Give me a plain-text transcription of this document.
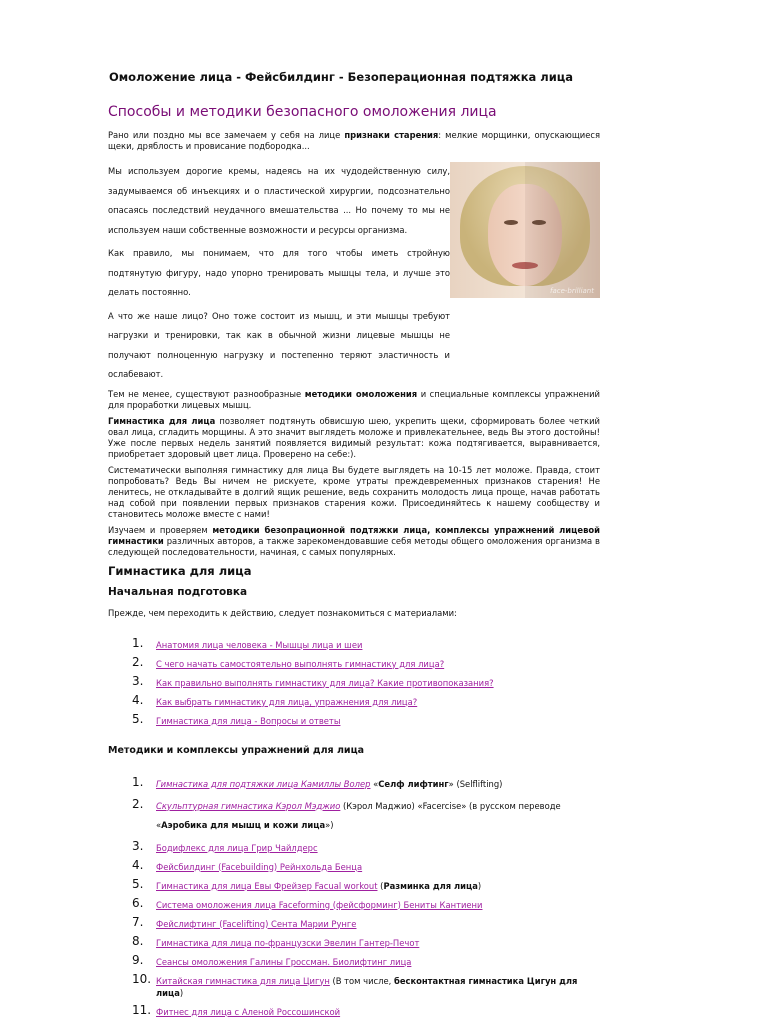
Омоложение лица - Фейсбилдинг - Безоперационная подтяжка лица
Способы и методики безопасного омоложения лица

Рано или поздно мы все замечаем у себя на лице признаки старения: мелкие морщинки, опускающиеся щеки, дряблость и провисание подбородка...

face-brilliant

Мы используем дорогие кремы, надеясь на их чудодейственную силу, задумываемся об инъекциях и о пластической хирургии, подсознательно опасаясь последствий неудачного вмешательства ... Но почему то мы не используем наши собственные возможности и ресурсы организма.

Как правило, мы понимаем, что для того чтобы иметь стройную подтянутую фигуру, надо упорно тренировать мышцы тела, и лучше это делать постоянно.

А что же наше лицо? Оно тоже состоит из мышц, и эти мышцы требуют нагрузки и тренировки, так как в обычной жизни лицевые мышцы не получают полноценную нагрузку и постепенно теряют эластичность и ослабевают.

Тем не менее, существуют разнообразные методики омоложения и специальные комплексы упражнений для проработки лицевых мышц.

Гимнастика для лица позволяет подтянуть обвисшую шею, укрепить щеки, сформировать более четкий овал лица, сгладить морщины. А это значит выглядеть моложе и привлекательнее, ведь Вы этого достойны! Уже после первых недель занятий появляется видимый результат: кожа подтягивается, выравнивается, приобретает здоровый цвет лица. Проверено на себе:).

Систематически выполняя гимнастику для лица Вы будете выглядеть на 10-15 лет моложе. Правда, стоит попробовать? Ведь Вы ничем не рискуете, кроме утраты преждевременных признаков старения! Не ленитесь, не откладывайте в долгий ящик решение, ведь сохранить молодость лица проще, начав работать над собой при появлении первых признаков старения кожи. Присоединяйтесь к нашему сообществу и становитесь моложе вместе с нами!

Изучаем и проверяем методики безопрационной подтяжки лица, комплексы упражнений лицевой гимнастики различных авторов, а также зарекомендовавшие себя методы общего омоложения организма в следующей последовательности, начиная, с самых популярных.

Гимнастика для лица
Начальная подготовка

Прежде, чем переходить к действию, следует познакомиться с материалами:

1.	Анатомия лица человека - Мышцы лица и шеи
2.	С чего начать самостоятельно выполнять гимнастику для лица?
3.	Как правильно выполнять гимнастику для лица? Какие противопоказания?
4.	Как выбрать гимнастику для лица, упражнения для лица?
5.	Гимнастика для лица - Вопросы и ответы
Методики и комплексы упражнений для лица
1.	Гимнастика для подтяжки лица Камиллы Волер «Селф лифтинг» (Selflifting)
2.	Скульптурная гимнастика Кэрол Мэджио (Кэрол Маджио) «Facercise» (в русском переводе «Аэробика для мышц и кожи лица»)
3.	Бодифлекс для лица Грир Чайлдерс
4.	Фейсбилдинг (Facebuilding) Рейнхольда Бенца
5.	Гимнастика для лица Евы Фрейзер Facual workout (Разминка для лица)
6.	Система омоложения лица Faceforming (фейсформинг) Бениты Кантиени
7.	Фейслифтинг (Facelifting) Сента Марии Рунге
8.	Гимнастика для лица по-французски Эвелин Гантер-Печот
9.	Сеансы омоложения Галины Гроссман. Биолифтинг лица
10. Китайская гимнастика для лица Цигун (В том числе, бесконтактная гимнастика Цигун для лица)
11. Фитнес для лица с Аленой Россошинской
